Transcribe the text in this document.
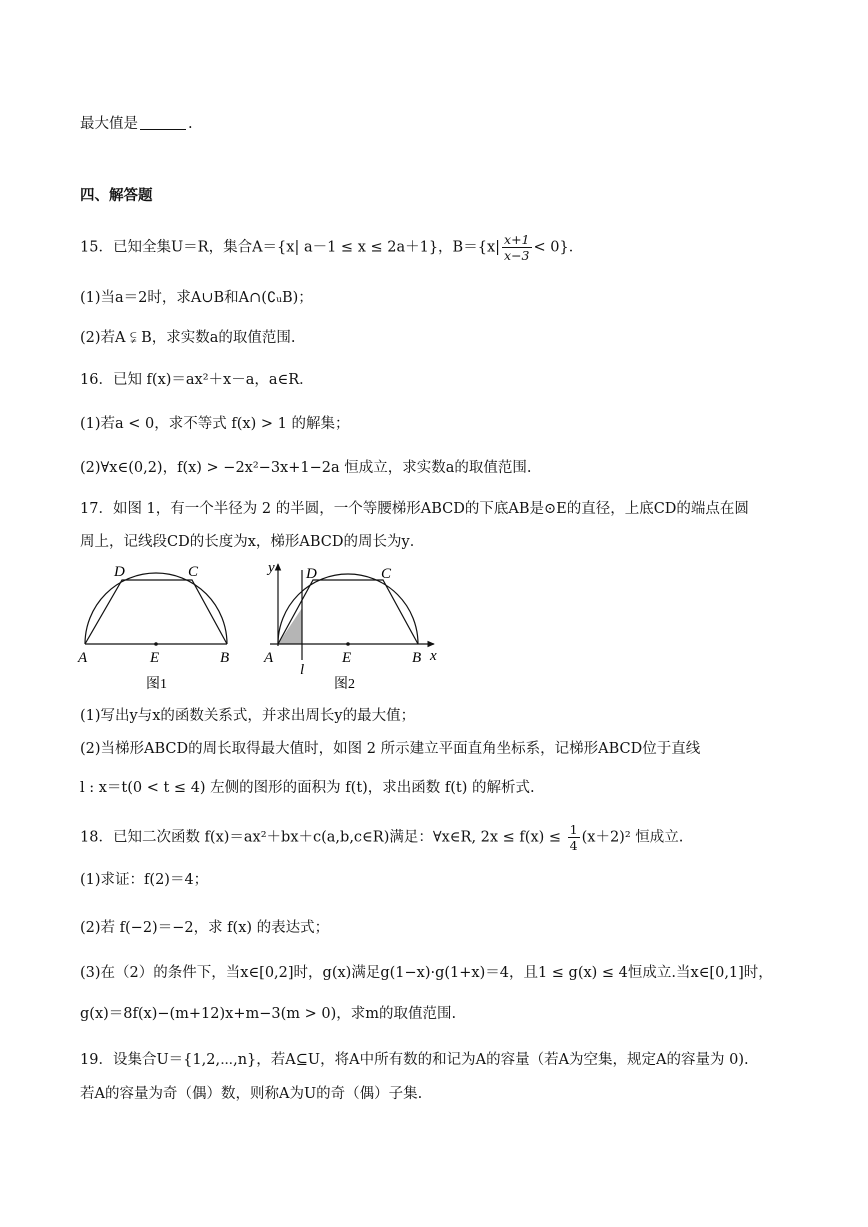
最大值是	.
四、解答题
15．已知全集U＝R，集合A＝{x| a－1 ≤ x ≤ 2a＋1}，$B=\{x| \frac{x+1}{x-3} < 0\}$．
(1)当a＝2时，求A∪B和A∩(∁ᵤB)；
(2)若A ⫋ B，求实数a的取值范围.
16．已知 f(x)＝ax²＋x－a，a∈R．
(1)若a < 0，求不等式 f(x) > 1 的解集；
(2)∀x∈(0,2)，f(x) > −2x²−3x+1−2a 恒成立，求实数a的取值范围.
17．如图 1，有一个半径为 2 的半圆，一个等腰梯形ABCD的下底AB是⊙E的直径，上底CD的端点在圆
周上，记线段CD的长度为x，梯形ABCD的周长为y．
A	B
C
D
E
图1
y
x
D	C
A	B
E
l
图2
(1)写出y与x的函数关系式，并求出周长y的最大值；
(2)当梯形ABCD的周长取得最大值时，如图 2 所示建立平面直角坐标系，记梯形ABCD位于直线
l : x＝t(0 < t ≤ 4) 左侧的图形的面积为 f(t)，求出函数 f(t) 的解析式.
18．已知二次函数 f(x)＝ax²＋bx＋c(a,b,c∈R)满足：∀x∈R, $2x \le f(x) \le \frac{1}{4} (x+2)^2$ 恒成立.
(1)求证：f(2)＝4；
(2)若 f(−2)＝−2，求 f(x) 的表达式；
(3)在（2）的条件下，当x∈[0,2]时，g(x)满足g(1−x)·g(1+x)＝4，且1 ≤ g(x) ≤ 4恒成立.当x∈[0,1]时，
g(x)＝8f(x)−(m+12)x+m−3(m > 0)，求m的取值范围.
19．设集合U＝{1,2,⋯,n}，若A⊆U，将A中所有数的和记为A的容量（若A为空集，规定A的容量为 0).
若A的容量为奇（偶）数，则称A为U的奇（偶）子集.
